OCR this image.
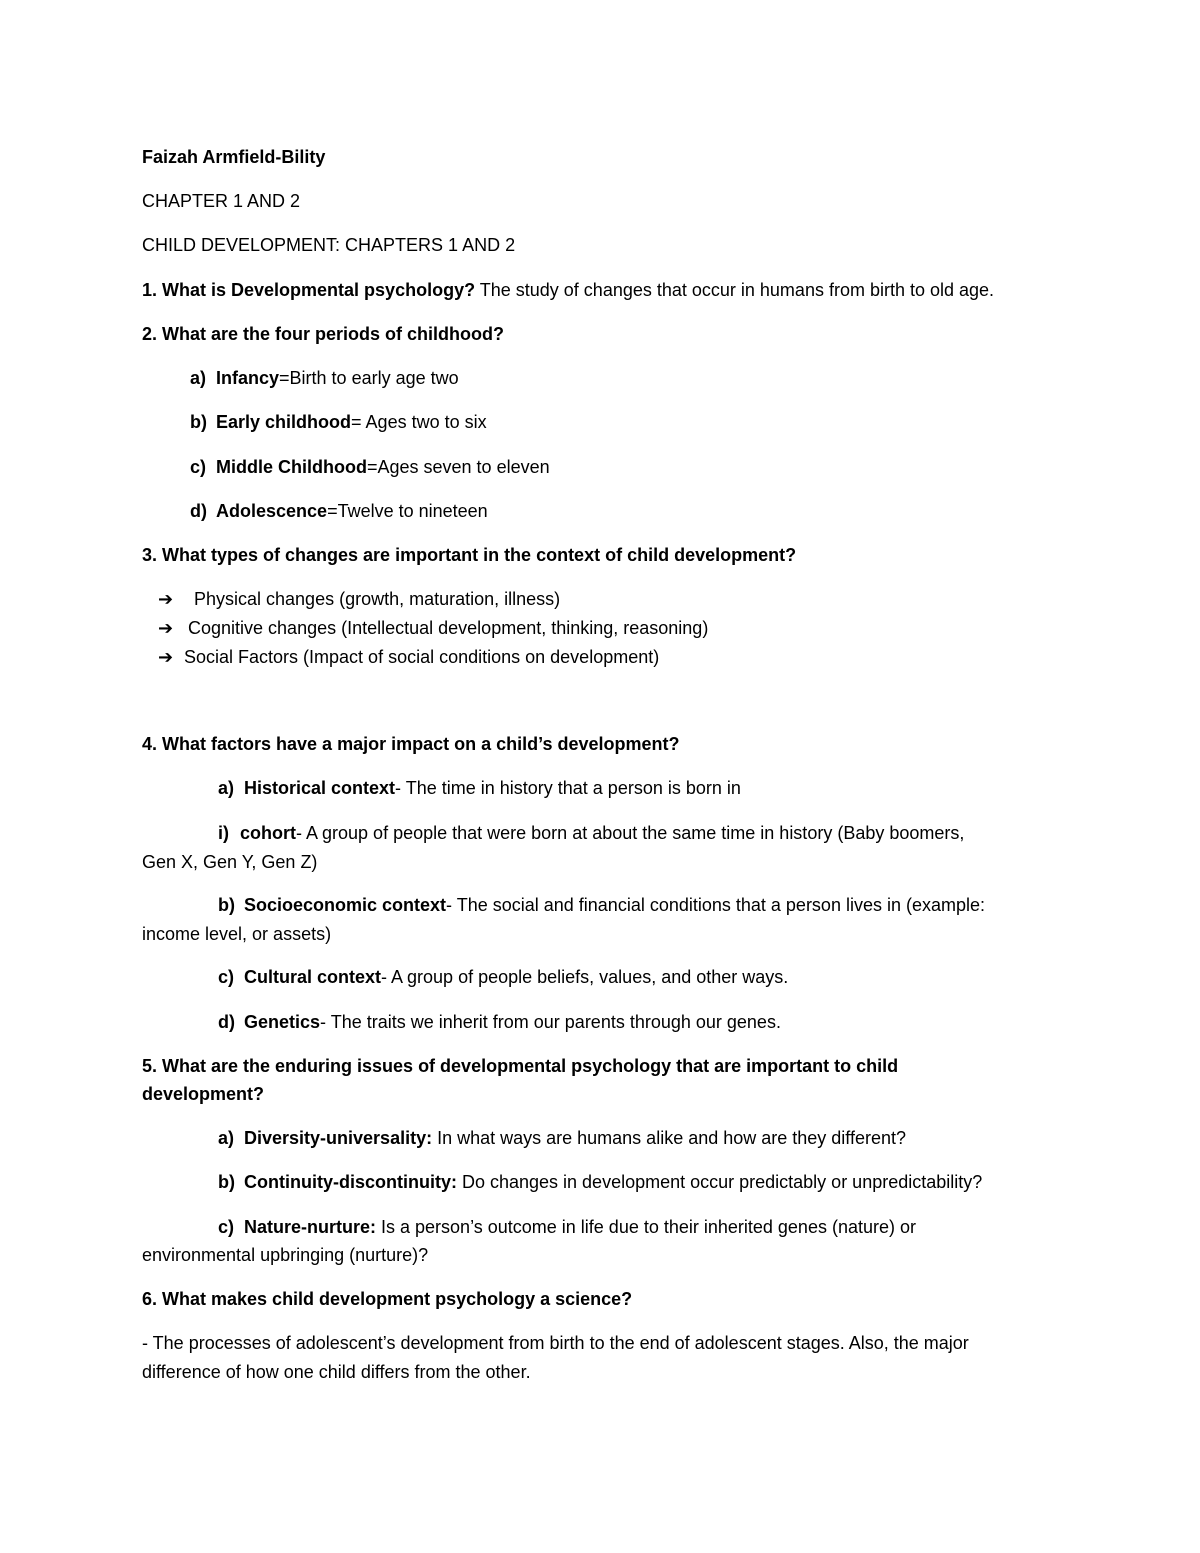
Faizah Armfield-Bility
CHAPTER 1 AND 2
CHILD DEVELOPMENT: CHAPTERS 1 AND 2
1. What is Developmental psychology? The study of changes that occur in humans from birth to old age.
2. What are the four periods of childhood?
a) Infancy=Birth to early age two
b) Early childhood= Ages two to six
c) Middle Childhood=Ages seven to eleven
d) Adolescence=Twelve to nineteen
3. What types of changes are important in the context of child development?
➔ Physical changes (growth, maturation, illness)
➔ Cognitive changes (Intellectual development, thinking, reasoning)
➔ Social Factors (Impact of social conditions on development)
4. What factors have a major impact on a child’s development?
a) Historical context- The time in history that a person is born in
i) cohort- A group of people that were born at about the same time in history (Baby boomers,
Gen X, Gen Y, Gen Z)
b) Socioeconomic context- The social and financial conditions that a person lives in (example:
income level, or assets)
c) Cultural context- A group of people beliefs, values, and other ways.
d) Genetics- The traits we inherit from our parents through our genes.
5. What are the enduring issues of developmental psychology that are important to child
development?
a) Diversity-universality: In what ways are humans alike and how are they different?
b) Continuity-discontinuity: Do changes in development occur predictably or unpredictability?
c) Nature-nurture: Is a person’s outcome in life due to their inherited genes (nature) or
environmental upbringing (nurture)?
6. What makes child development psychology a science?
- The processes of adolescent’s development from birth to the end of adolescent stages. Also, the major
difference of how one child differs from the other.
